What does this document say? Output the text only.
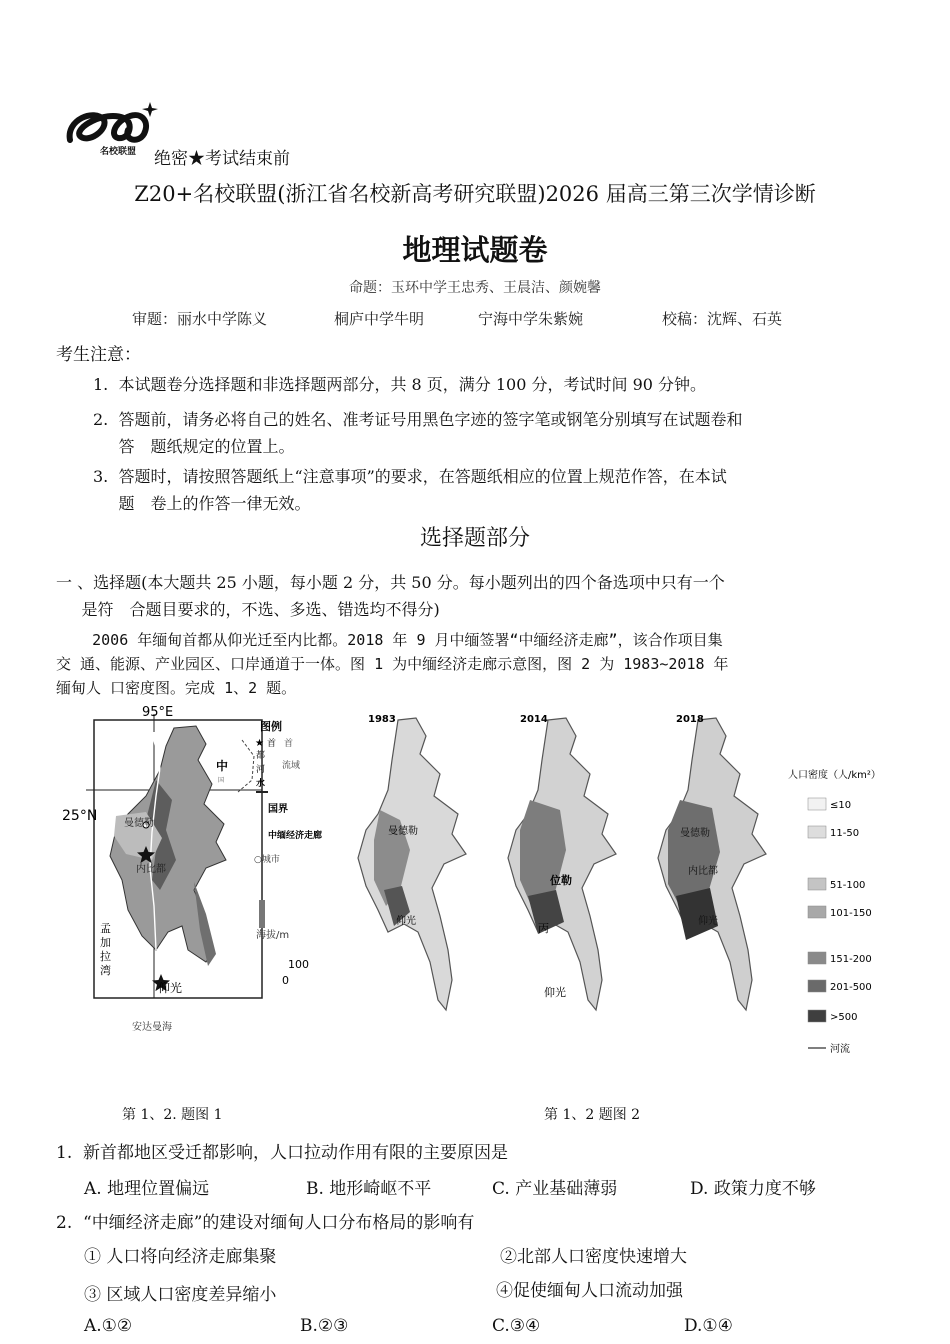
名校联盟 绝密★考试结束前
Z20+名校联盟(浙江省名校新高考研究联盟)2026 届高三第三次学情诊断
地理试题卷
命题：玉环中学王忠秀、王晨洁、颜婉馨
审题：丽水中学陈义	桐庐中学牛明	宁海中学朱紫婉	校稿：沈辉、石英
考生注意：
1. 本试题卷分选择题和非选择题两部分，共 8 页，满分 100 分，考试时间 90 分钟。
2. 答题前，请务必将自己的姓名、准考证号用黑色字迹的签字笔或钢笔分别填写在试题卷和
答　题纸规定的位置上。
3. 答题时，请按照答题纸上“注意事项”的要求，在答题纸相应的位置上规范作答，在本试
题　卷上的作答一律无效。
选择题部分
一 、选择题(本大题共 25 小题，每小题 2 分，共 50 分。每小题列出的四个备选项中只有一个
是符　合题目要求的，不选、多选、错选均不得分)
2006 年缅甸首都从仰光迁至内比都。2018 年 9 月中缅签署“中缅经济走廊”，该合作项目集
交 通、能源、产业园区、口岸通道于一体。图 1 为中缅经济走廊示意图，图 2 为 1983~2018 年
缅甸人 口密度图。完成 1、2 题。
95°E
25°N
中
国
曼德勒
内比都
孟
加
拉
湾
仰光
安达曼海
图例
★ 首
都
河
水
首
流域
国界
中缅经济走廊
○城市
海拔/m
100
0
第 1、2. 题图 1
1983
曼德勒
仰光
2014
位勒
丙
仰光
2018
曼德勒
内比都
仰光
人口密度（人/km²）
≤10
11-50
51-100
101-150
151-200
201-500
>500
河流
第 1、2 题图 2
1. 新首都地区受迁都影响，人口拉动作用有限的主要原因是
A. 地理位置偏远	B. 地形崎岖不平	C. 产业基础薄弱	D. 政策力度不够
2. “中缅经济走廊”的建设对缅甸人口分布格局的影响有
① 人口将向经济走廊集聚	②北部人口密度快速增大
③ 区域人口密度差异缩小	④促使缅甸人口流动加强
A.①②	B.②③	C.③④	D.①④
